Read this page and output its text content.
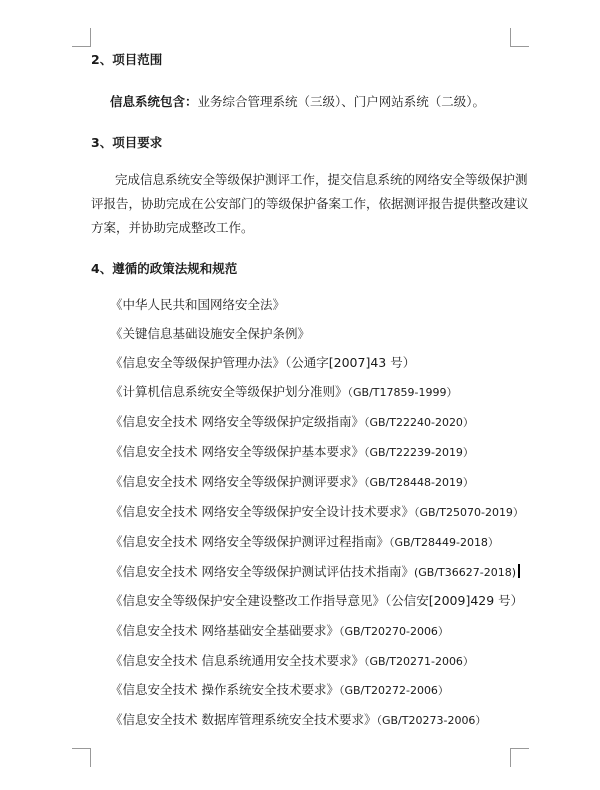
2、项目范围
信息系统包含：业务综合管理系统（三级）、门户网站系统（二级）。
3、项目要求
完成信息系统安全等级保护测评工作，提交信息系统的网络安全等级保护测
评报告，协助完成在公安部门的等级保护备案工作，依据测评报告提供整改建议
方案，并协助完成整改工作。
4、遵循的政策法规和规范
《中华人民共和国网络安全法》
《关键信息基础设施安全保护条例》
《信息安全等级保护管理办法》（公通字[2007]43 号）
《计算机信息系统安全等级保护划分准则》（GB/T17859-1999）
《信息安全技术 网络安全等级保护定级指南》（GB/T22240-2020）
《信息安全技术 网络安全等级保护基本要求》（GB/T22239-2019）
《信息安全技术 网络安全等级保护测评要求》（GB/T28448-2019）
《信息安全技术 网络安全等级保护安全设计技术要求》（GB/T25070-2019）
《信息安全技术 网络安全等级保护测评过程指南》（GB/T28449-2018）
《信息安全技术 网络安全等级保护测试评估技术指南》(GB/T36627-2018)
《信息安全等级保护安全建设整改工作指导意见》（公信安[2009]429 号）
《信息安全技术 网络基础安全基础要求》（GB/T20270-2006）
《信息安全技术 信息系统通用安全技术要求》（GB/T20271-2006）
《信息安全技术 操作系统安全技术要求》（GB/T20272-2006）
《信息安全技术 数据库管理系统安全技术要求》（GB/T20273-2006）
